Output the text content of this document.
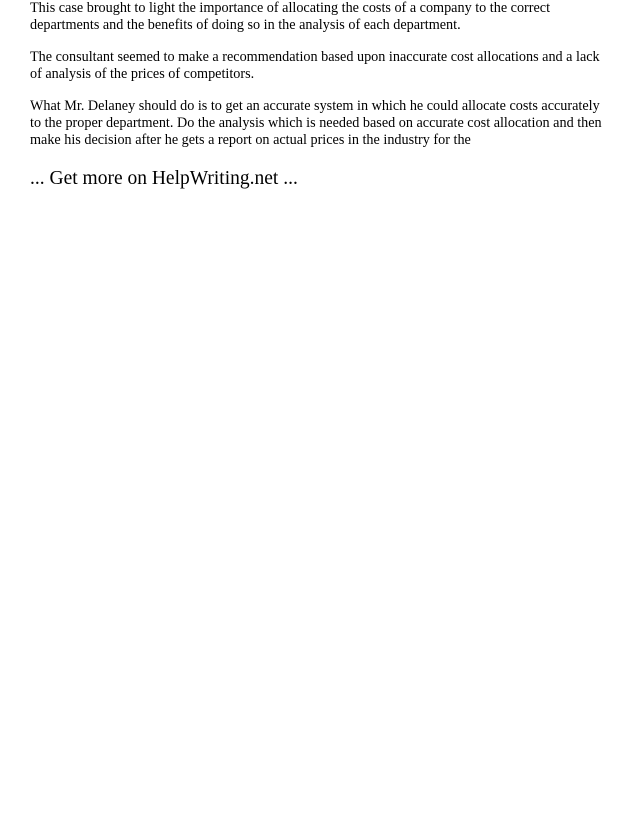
This case brought to light the importance of allocating the costs of a company to the correct
departments and the benefits of doing so in the analysis of each department.

The consultant seemed to make a recommendation based upon inaccurate cost allocations and a lack
of analysis of the prices of competitors.

What Mr. Delaney should do is to get an accurate system in which he could allocate costs accurately
to the proper department. Do the analysis which is needed based on accurate cost allocation and then
make his decision after he gets a report on actual prices in the industry for the

... Get more on HelpWriting.net ...
